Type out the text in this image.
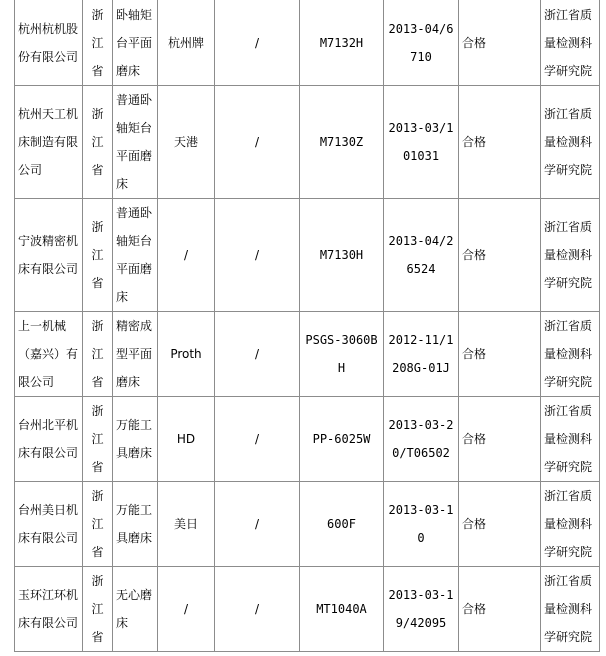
杭州杭机股份有限公司	浙江省	卧轴矩台平面磨床	杭州牌	/	M7132H	2013-04/6710	合格	浙江省质量检测科学研究院
杭州天工机床制造有限公司	浙江省	普通卧轴矩台平面磨床	天港	/	M7130Z	2013-03/101031	合格	浙江省质量检测科学研究院
宁波精密机床有限公司	浙江省	普通卧轴矩台平面磨床	/	/	M7130H	2013-04/26524	合格	浙江省质量检测科学研究院
上一机械（嘉兴）有限公司	浙江省	精密成型平面磨床	Proth	/	PSGS-3060BH	2012-11/1208G-01J	合格	浙江省质量检测科学研究院
台州北平机床有限公司	浙江省	万能工具磨床	HD	/	PP-6025W	2013-03-20/T06502	合格	浙江省质量检测科学研究院
台州美日机床有限公司	浙江省	万能工具磨床	美日	/	600F	2013-03-10	合格	浙江省质量检测科学研究院
玉环江环机床有限公司	浙江省	无心磨床	/	/	MT1040A	2013-03-19/42095	合格	浙江省质量检测科学研究院
